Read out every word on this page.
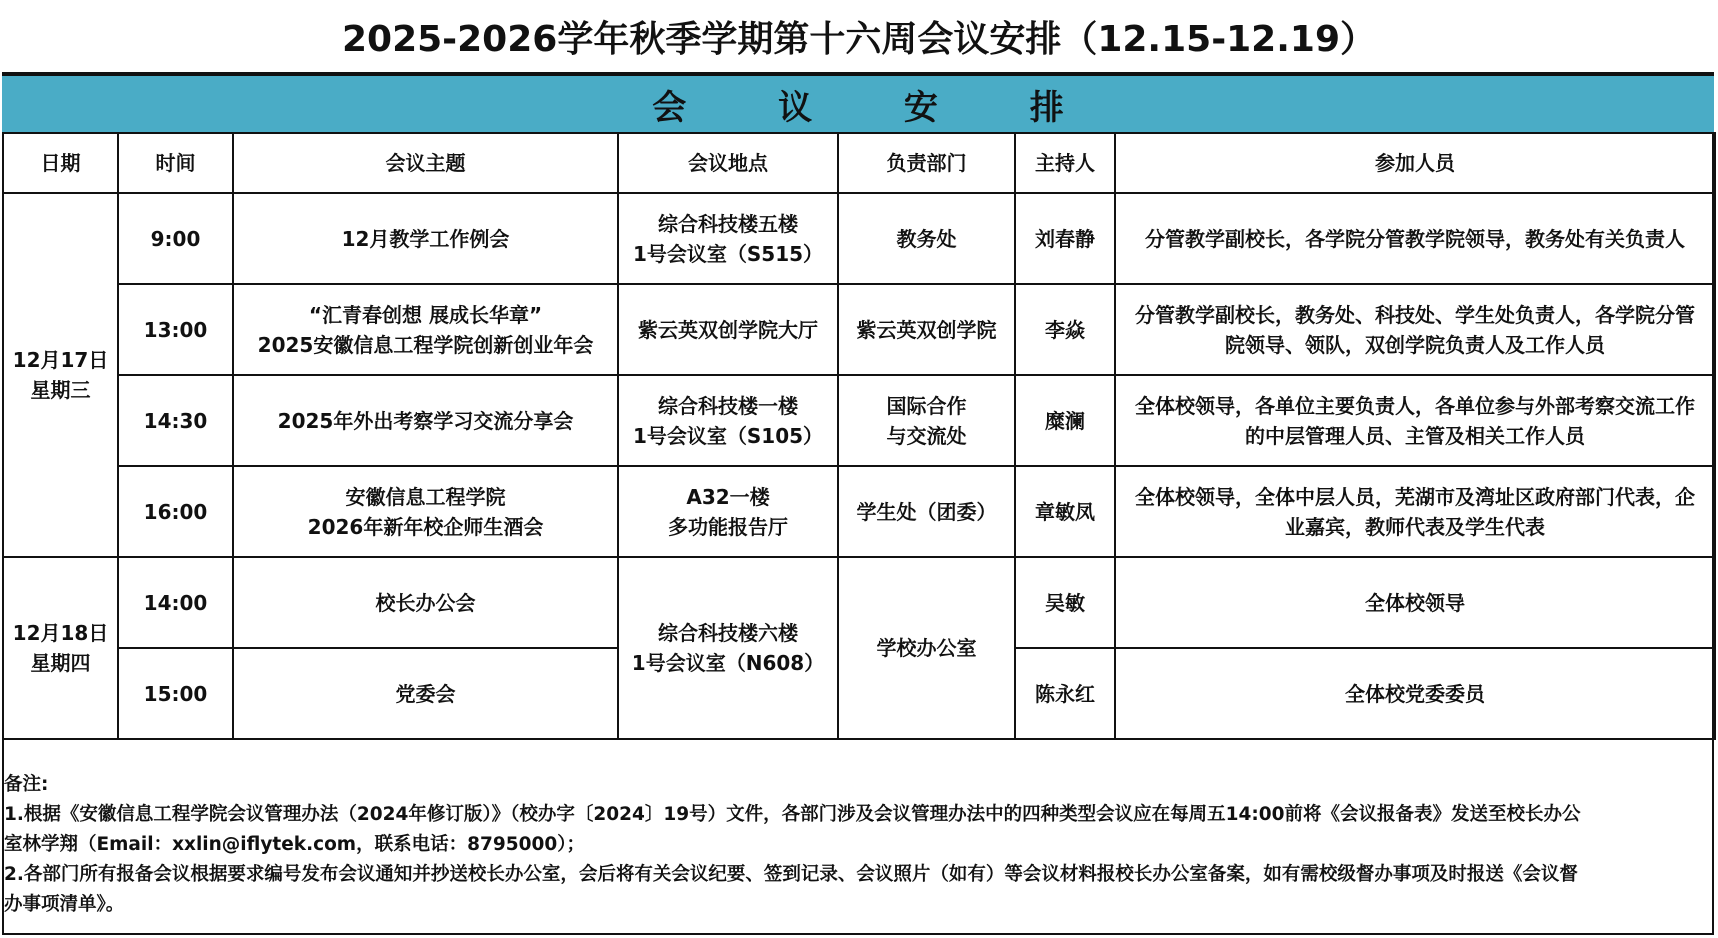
2025-2026学年秋季学期第十六周会议安排（12.15-12.19）
会 议 安 排
日期	时间	会议主题	会议地点	负责部门	主持人	参加人员

12月17日
星期三	9:00	12月教学工作例会	综合科技楼五楼
1号会议室（S515）	教务处	刘春静	分管教学副校长，各学院分管教学院领导，教务处有关负责人

	13:00	“汇青春创想 展成长华章”
2025安徽信息工程学院创新创业年会	紫云英双创学院大厅	紫云英双创学院	李焱	分管教学副校长，教务处、科技处、学生处负责人，各学院分管
院领导、领队，双创学院负责人及工作人员

	14:30	2025年外出考察学习交流分享会	综合科技楼一楼
1号会议室（S105）	国际合作
与交流处	糜澜	全体校领导，各单位主要负责人，各单位参与外部考察交流工作
的中层管理人员、主管及相关工作人员

	16:00	安徽信息工程学院
2026年新年校企师生酒会	A32一楼
多功能报告厅	学生处（团委）	章敏凤	全体校领导，全体中层人员，芜湖市及湾址区政府部门代表，企
业嘉宾，教师代表及学生代表

12月18日
星期四	14:00	校长办公会	综合科技楼六楼
1号会议室（N608）	学校办公室	吴敏	全体校领导
	15:00	党委会			陈永红	全体校党委委员
备注:
1.根据《安徽信息工程学院会议管理办法（2024年修订版）》（校办字〔2024〕19号）文件，各部门涉及会议管理办法中的四种类型会议应在每周五14:00前将《会议报备表》发送至校长办公
室林学翔（Email：xxlin@iflytek.com，联系电话：8795000）；
2.各部门所有报备会议根据要求编号发布会议通知并抄送校长办公室，会后将有关会议纪要、签到记录、会议照片（如有）等会议材料报校长办公室备案，如有需校级督办事项及时报送《会议督
办事项清单》。
